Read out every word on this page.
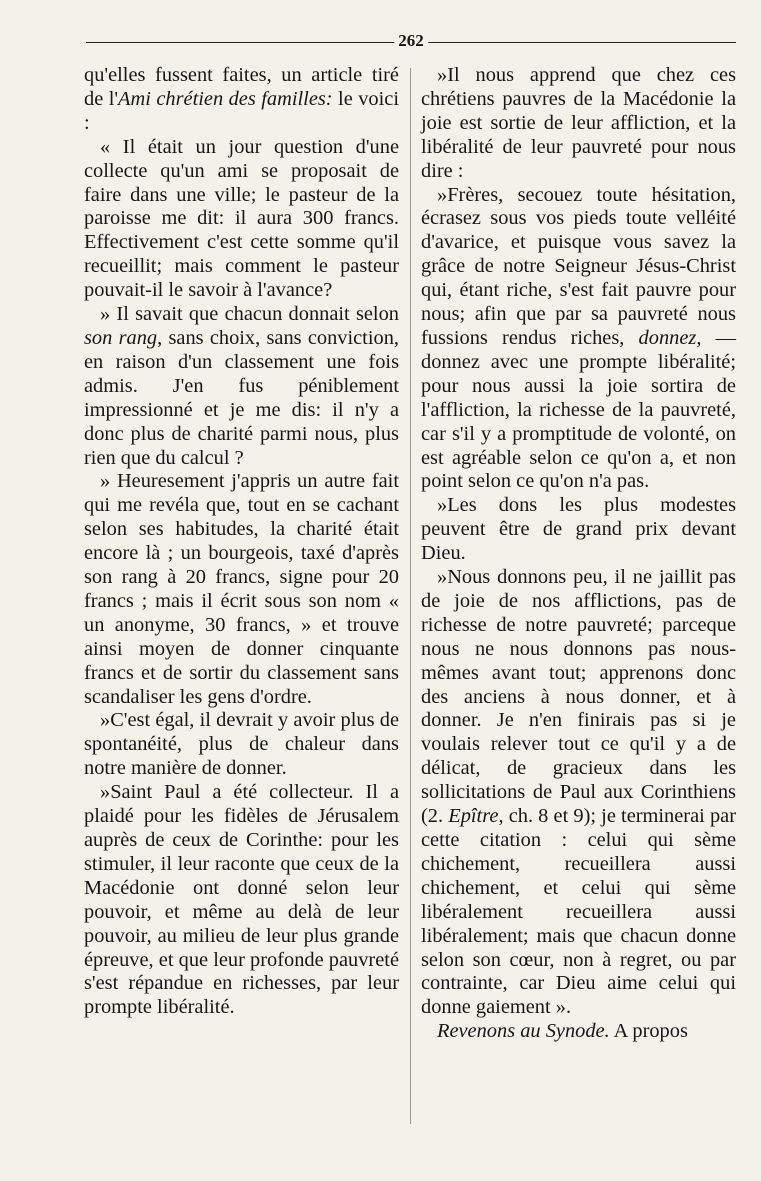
262

qu'elles fussent faites, un article tiré de l'Ami chrétien des familles: le voici :

« Il était un jour question d'une collecte qu'un ami se proposait de faire dans une ville; le pasteur de la paroisse me dit: il aura 300 francs. Effectivement c'est cette somme qu'il recueillit; mais comment le pasteur pouvait-il le savoir à l'avance?

» Il savait que chacun donnait selon son rang, sans choix, sans conviction, en raison d'un classement une fois admis. J'en fus péniblement impressionné et je me dis: il n'y a donc plus de charité parmi nous, plus rien que du calcul ?

» Heuresement j'appris un autre fait qui me revéla que, tout en se cachant selon ses habitudes, la charité était encore là ; un bourgeois, taxé d'après son rang à 20 francs, signe pour 20 francs ; mais il écrit sous son nom « un anonyme, 30 francs, » et trouve ainsi moyen de donner cinquante francs et de sortir du classement sans scandaliser les gens d'ordre.

»C'est égal, il devrait y avoir plus de spontanéité, plus de chaleur dans notre manière de donner.

»Saint Paul a été collecteur. Il a plaidé pour les fidèles de Jérusalem auprès de ceux de Corinthe: pour les stimuler, il leur raconte que ceux de la Macédonie ont donné selon leur pouvoir, et même au delà de leur pouvoir, au milieu de leur plus grande épreuve, et que leur profonde pauvreté s'est répandue en richesses, par leur prompte libéralité.

»Il nous apprend que chez ces chrétiens pauvres de la Macédonie la joie est sortie de leur affliction, et la libéralité de leur pauvreté pour nous dire :

»Frères, secouez toute hésitation, écrasez sous vos pieds toute velléité d'avarice, et puisque vous savez la grâce de notre Seigneur Jésus-Christ qui, étant riche, s'est fait pauvre pour nous; afin que par sa pauvreté nous fussions rendus riches, donnez, — donnez avec une prompte libéralité; pour nous aussi la joie sortira de l'affliction, la richesse de la pauvreté, car s'il y a promptitude de volonté, on est agréable selon ce qu'on a, et non point selon ce qu'on n'a pas.

»Les dons les plus modestes peuvent être de grand prix devant Dieu.

»Nous donnons peu, il ne jaillit pas de joie de nos afflictions, pas de richesse de notre pauvreté; parceque nous ne nous donnons pas nous-mêmes avant tout; apprenons donc des anciens à nous donner, et à donner. Je n'en finirais pas si je voulais relever tout ce qu'il y a de délicat, de gracieux dans les sollicitations de Paul aux Corinthiens (2. Epître, ch. 8 et 9); je terminerai par cette citation : celui qui sème chichement, recueillera aussi chichement, et celui qui sème libéralement recueillera aussi libéralement; mais que chacun donne selon son cœur, non à regret, ou par contrainte, car Dieu aime celui qui donne gaiement ».

Revenons au Synode. A propos
